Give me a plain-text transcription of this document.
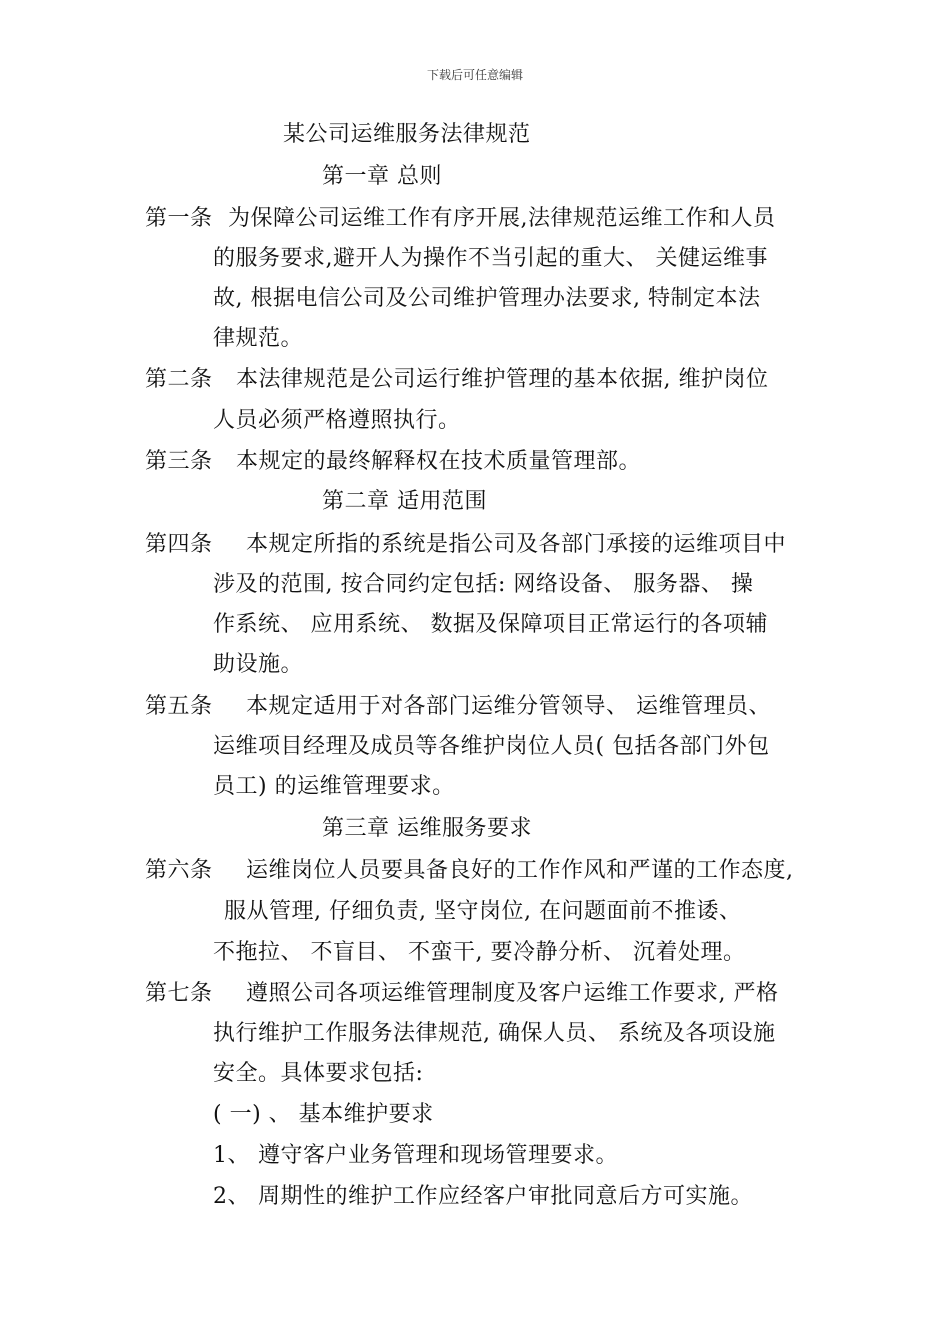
下载后可任意编辑
某公司运维服务法律规范
第一章 总则
第一条 为保障公司运维工作有序开展,法律规范运维工作和人员
的服务要求,避开人为操作不当引起的重大、 关健运维事
故, 根据电信公司及公司维护管理办法要求, 特制定本法
律规范。
第二条 本法律规范是公司运行维护管理的基本依据, 维护岗位
人员必须严格遵照执行。
第三条 本规定的最终解释权在技术质量管理部。
第二章 适用范围
第四条 本规定所指的系统是指公司及各部门承接的运维项目中
涉及的范围, 按合同约定包括: 网络设备、 服务器、 操
作系统、 应用系统、 数据及保障项目正常运行的各项辅
助设施。
第五条 本规定适用于对各部门运维分管领导、 运维管理员、
运维项目经理及成员等各维护岗位人员( 包括各部门外包
员工) 的运维管理要求。
第三章 运维服务要求
第六条 运维岗位人员要具备良好的工作作风和严谨的工作态度,
服从管理, 仔细负责, 坚守岗位, 在问题面前不推诿、
不拖拉、 不盲目、 不蛮干, 要冷静分析、 沉着处理。
第七条 遵照公司各项运维管理制度及客户运维工作要求, 严格
执行维护工作服务法律规范, 确保人员、 系统及各项设施
安全。具体要求包括:
( 一) 、 基本维护要求
1、 遵守客户业务管理和现场管理要求。
2、 周期性的维护工作应经客户审批同意后方可实施。
